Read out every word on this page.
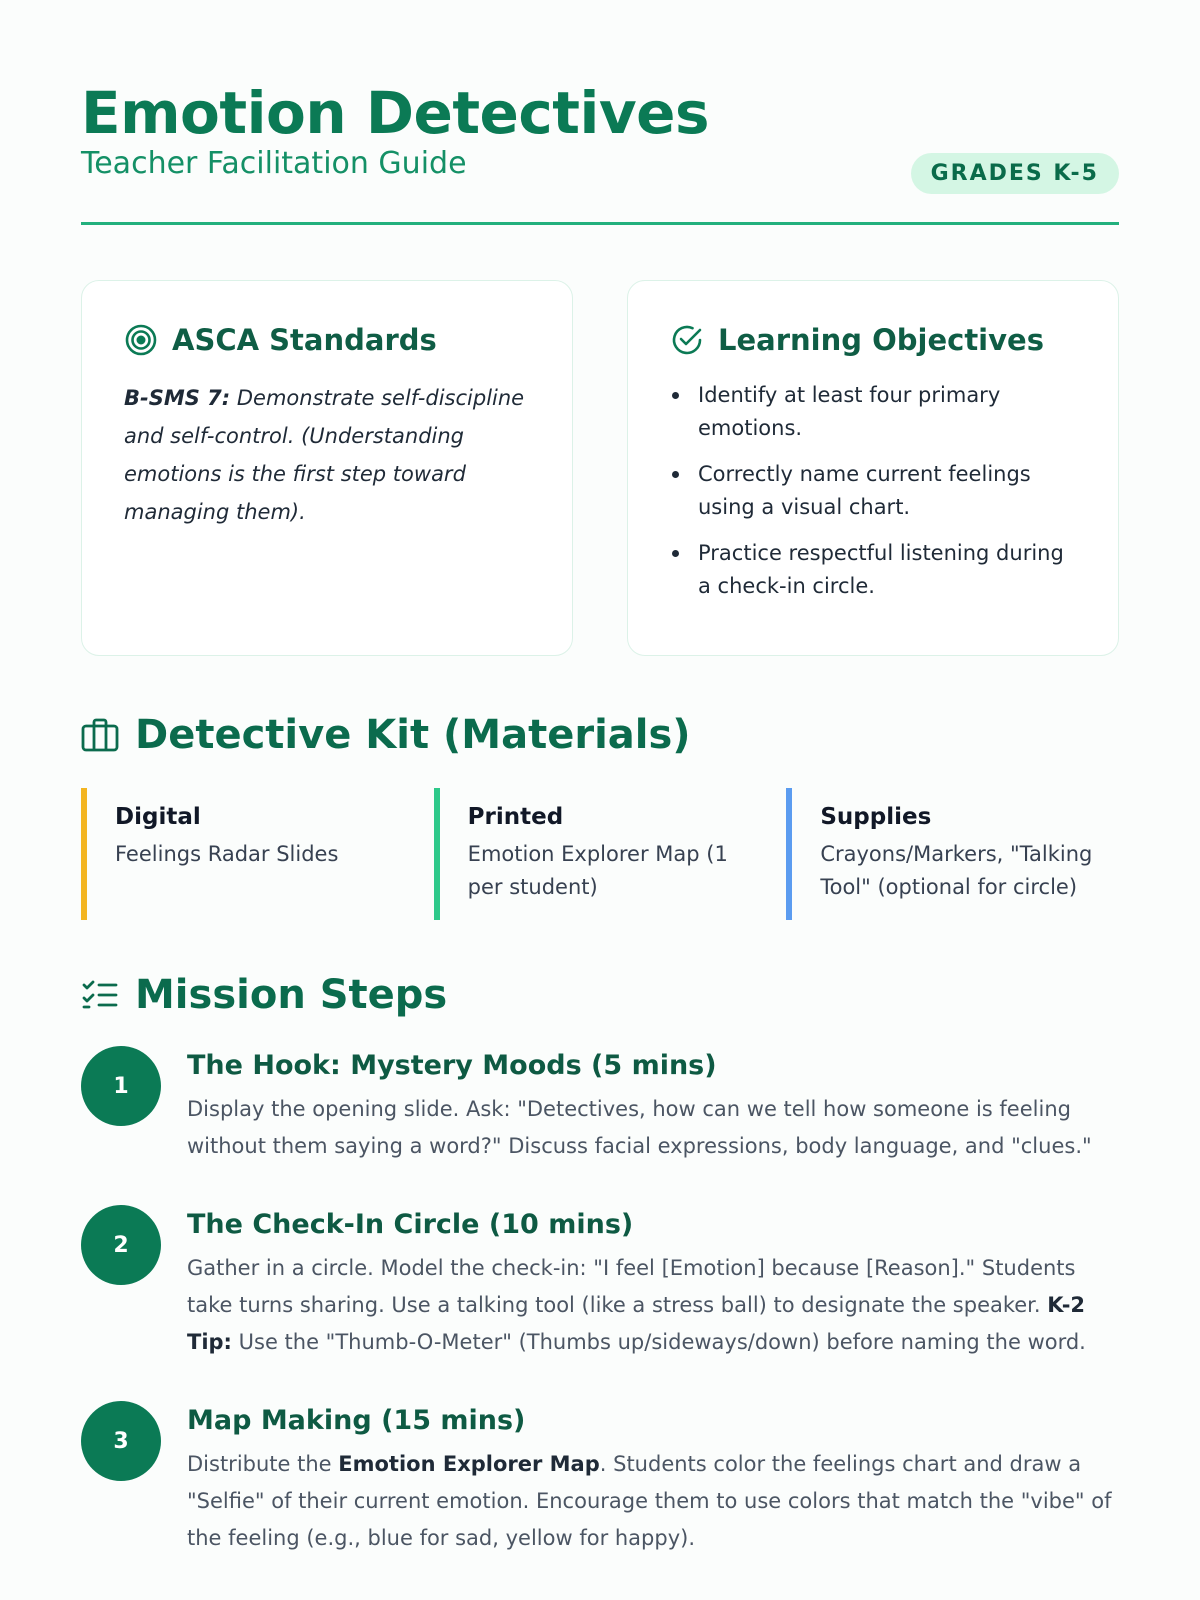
Emotion Detectives
Teacher Facilitation Guide	GRADES K-5
ASCA Standards

B-SMS 7: Demonstrate self-discipline and self-control. (Understanding emotions is the first step toward managing them).

Learning Objectives
Identify at least four primary emotions.
Correctly name current feelings using a visual chart.
Practice respectful listening during a check-in circle.
Detective Kit (Materials)
Digital
Feelings Radar Slides
Printed
Emotion Explorer Map (1 per student)
Supplies
Crayons/Markers, "Talking Tool" (optional for circle)
Mission Steps
1
The Hook: Mystery Moods (5 mins)

Display the opening slide. Ask: "Detectives, how can we tell how someone is feeling without them saying a word?" Discuss facial expressions, body language, and "clues."

2
The Check-In Circle (10 mins)

Gather in a circle. Model the check-in: "I feel [Emotion] because [Reason]." Students take turns sharing. Use a talking tool (like a stress ball) to designate the speaker. K-2 Tip: Use the "Thumb-O-Meter" (Thumbs up/sideways/down) before naming the word.

3
Map Making (15 mins)

Distribute the Emotion Explorer Map. Students color the feelings chart and draw a "Selfie" of their current emotion. Encourage them to use colors that match the "vibe" of the feeling (e.g., blue for sad, yellow for happy).
